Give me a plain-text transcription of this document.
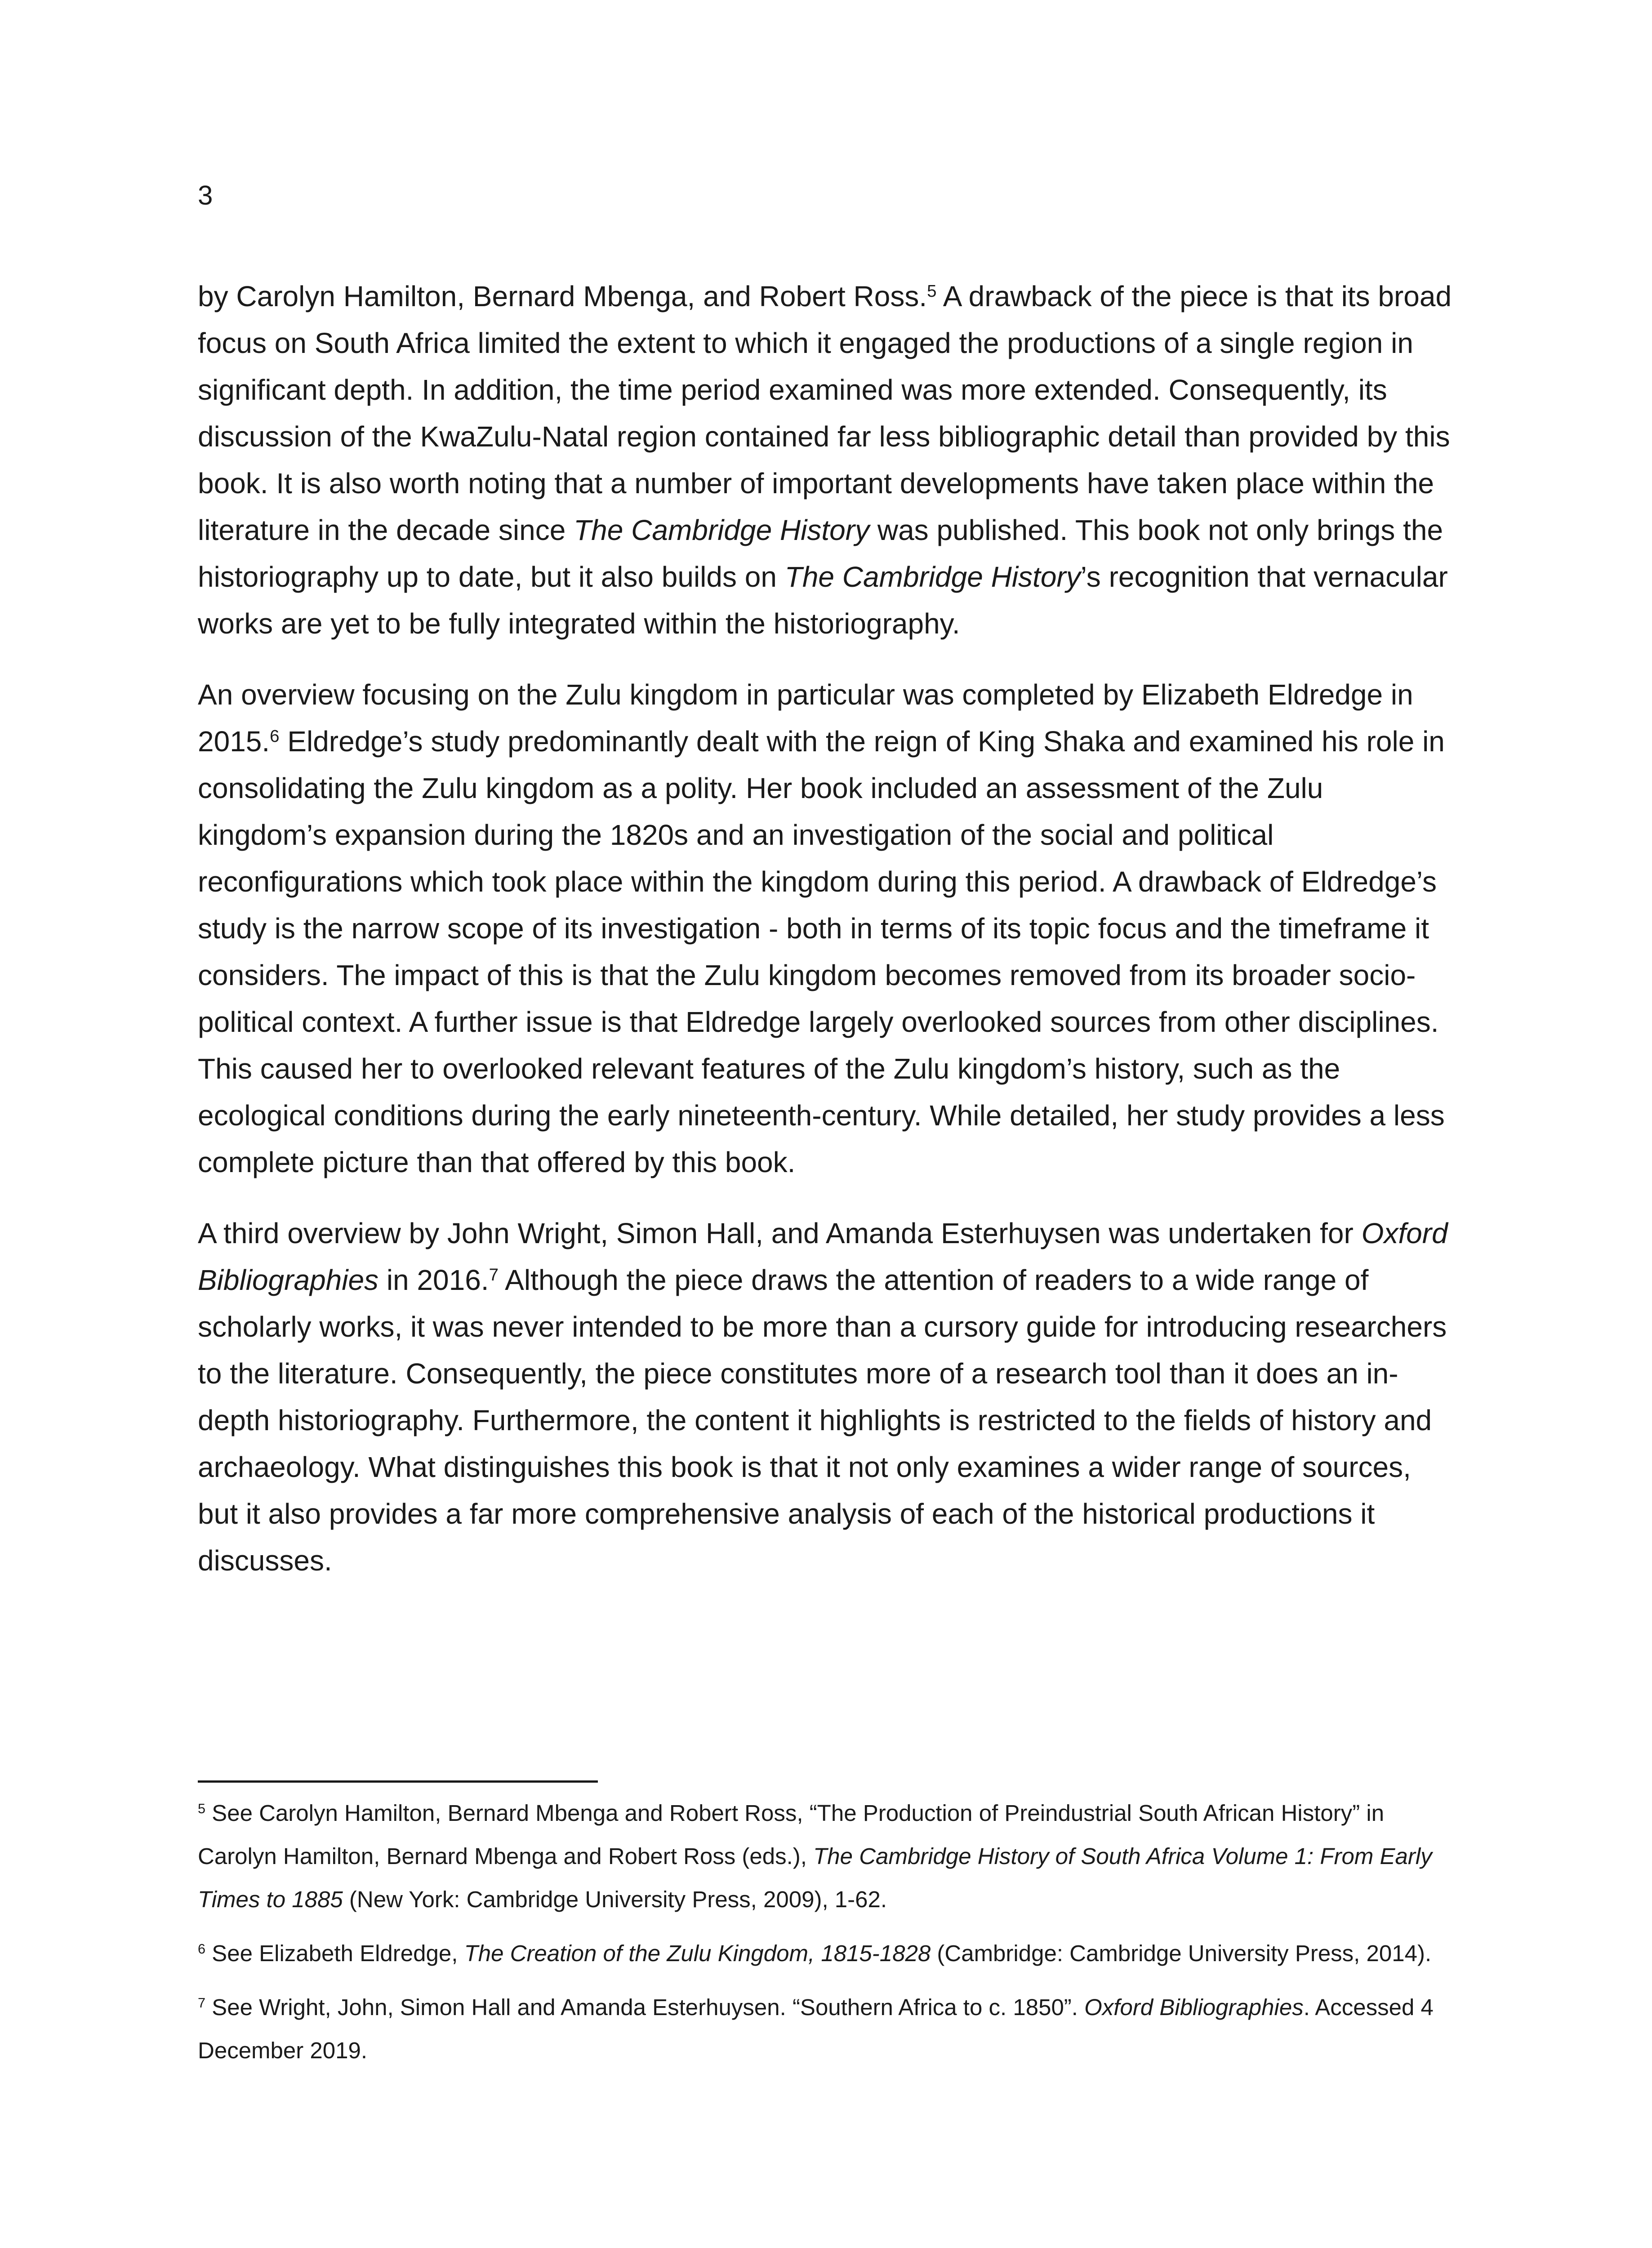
3

by Carolyn Hamilton, Bernard Mbenga, and Robert Ross.$^5$ A drawback of the piece is that its broad focus on South Africa limited the extent to which it engaged the productions of a single region in significant depth. In addition, the time period examined was more extended. Consequently, its discussion of the KwaZulu-Natal region contained far less bibliographic detail than provided by this book. It is also worth noting that a number of important developments have taken place within the literature in the decade since The Cambridge History was published. This book not only brings the historiography up to date, but it also builds on The Cambridge History’s recognition that vernacular works are yet to be fully integrated within the historiography.

An overview focusing on the Zulu kingdom in particular was completed by Elizabeth Eldredge in 2015.$^6$ Eldredge’s study predominantly dealt with the reign of King Shaka and examined his role in consolidating the Zulu kingdom as a polity. Her book included an assessment of the Zulu kingdom’s expansion during the 1820s and an investigation of the social and political reconfigurations which took place within the kingdom during this period. A drawback of Eldredge’s study is the narrow scope of its investigation - both in terms of its topic focus and the timeframe it considers. The impact of this is that the Zulu kingdom becomes removed from its broader socio-political context. A further issue is that Eldredge largely overlooked sources from other disciplines. This caused her to overlooked relevant features of the Zulu kingdom’s history, such as the ecological conditions during the early nineteenth-century. While detailed, her study provides a less complete picture than that offered by this book.

A third overview by John Wright, Simon Hall, and Amanda Esterhuysen was undertaken for Oxford Bibliographies in 2016.$^7$ Although the piece draws the attention of readers to a wide range of scholarly works, it was never intended to be more than a cursory guide for introducing researchers to the literature. Consequently, the piece constitutes more of a research tool than it does an in-depth historiography. Furthermore, the content it highlights is restricted to the fields of history and archaeology. What distinguishes this book is that it not only examines a wider range of sources, but it also provides a far more comprehensive analysis of each of the historical productions it discusses.

$^5$ See Carolyn Hamilton, Bernard Mbenga and Robert Ross, “The Production of Preindustrial South African History” in Carolyn Hamilton, Bernard Mbenga and Robert Ross (eds.), The Cambridge History of South Africa Volume 1: From Early Times to 1885 (New York: Cambridge University Press, 2009), 1-62.

$^6$ See Elizabeth Eldredge, The Creation of the Zulu Kingdom, 1815-1828 (Cambridge: Cambridge University Press, 2014).

$^7$ See Wright, John, Simon Hall and Amanda Esterhuysen. “Southern Africa to c. 1850”. Oxford Bibliographies. Accessed 4 December 2019.
